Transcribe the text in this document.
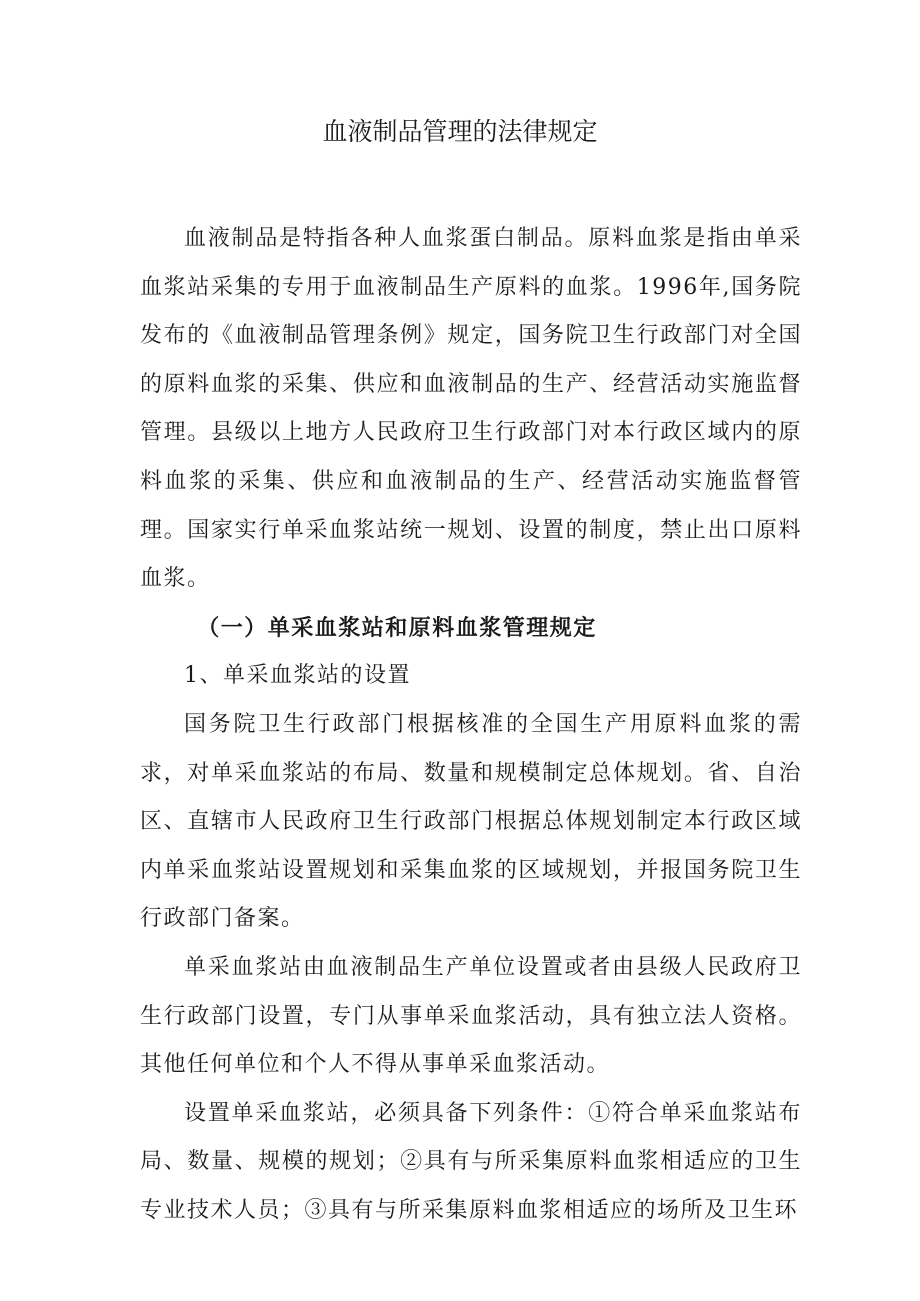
血液制品管理的法律规定

血液制品是特指各种人血浆蛋白制品。原料血浆是指由单采血浆站采集的专用于血液制品生产原料的血浆。1996年,国务院发布的《血液制品管理条例》规定，国务院卫生行政部门对全国的原料血浆的采集、供应和血液制品的生产、经营活动实施监督管理。县级以上地方人民政府卫生行政部门对本行政区域内的原料血浆的采集、供应和血液制品的生产、经营活动实施监督管理。国家实行单采血浆站统一规划、设置的制度，禁止出口原料血浆。

（一）单采血浆站和原料血浆管理规定

1、单采血浆站的设置

国务院卫生行政部门根据核准的全国生产用原料血浆的需求，对单采血浆站的布局、数量和规模制定总体规划。省、自治区、直辖市人民政府卫生行政部门根据总体规划制定本行政区域内单采血浆站设置规划和采集血浆的区域规划，并报国务院卫生行政部门备案。

单采血浆站由血液制品生产单位设置或者由县级人民政府卫生行政部门设置，专门从事单采血浆活动，具有独立法人资格。其他任何单位和个人不得从事单采血浆活动。

设置单采血浆站，必须具备下列条件：①符合单采血浆站布局、数量、规模的规划；②具有与所采集原料血浆相适应的卫生专业技术人员；③具有与所采集原料血浆相适应的场所及卫生环
